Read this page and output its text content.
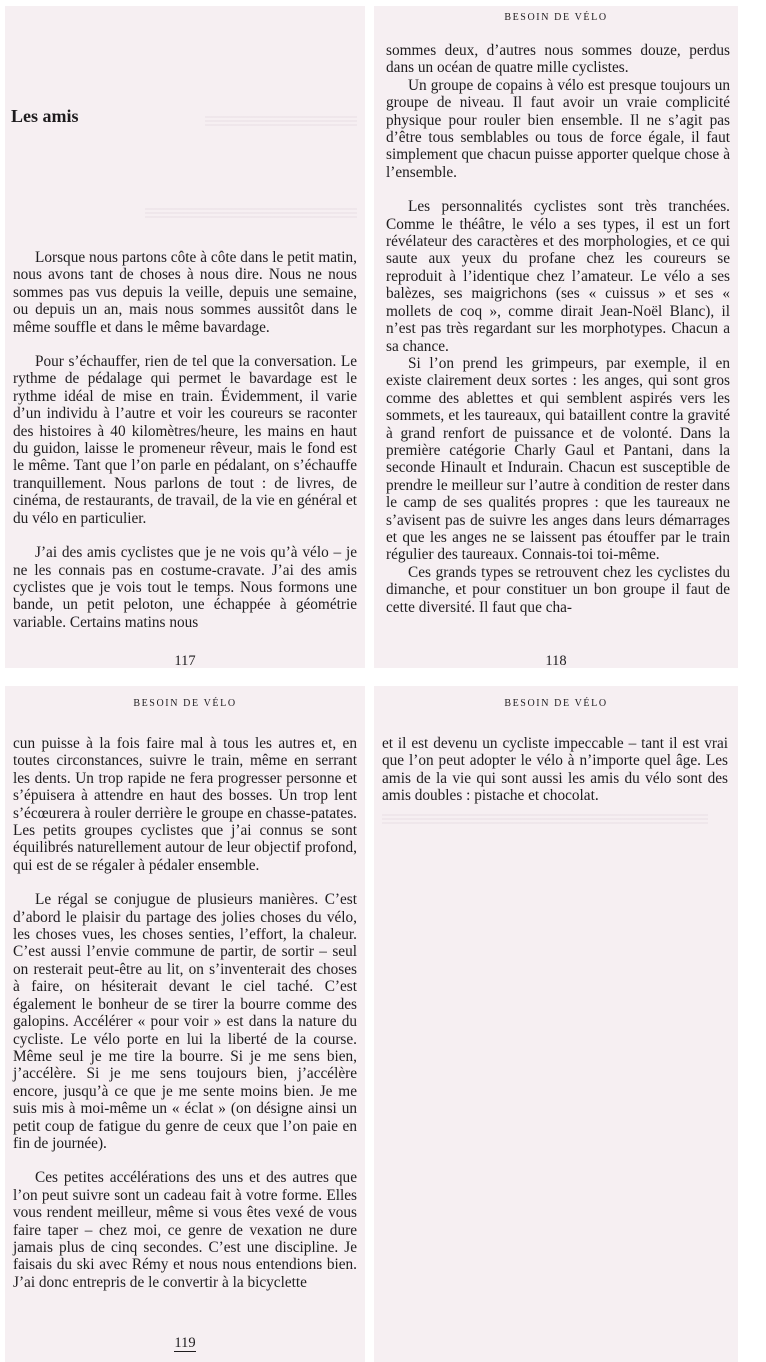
Les amis

Lorsque nous partons côte à côte dans le petit matin, nous avons tant de choses à nous dire. Nous ne nous sommes pas vus depuis la veille, depuis une semaine, ou depuis un an, mais nous sommes aussitôt dans le même souffle et dans le même bavardage.

Pour s’échauffer, rien de tel que la conversation. Le rythme de pédalage qui permet le bavardage est le rythme idéal de mise en train. Évidemment, il varie d’un individu à l’autre et voir les coureurs se raconter des histoires à 40 kilomètres/heure, les mains en haut du guidon, laisse le promeneur rêveur, mais le fond est le même. Tant que l’on parle en pédalant, on s’échauffe tranquillement. Nous parlons de tout : de livres, de cinéma, de restaurants, de travail, de la vie en général et du vélo en particulier.

J’ai des amis cyclistes que je ne vois qu’à vélo – je ne les connais pas en costume-cravate. J’ai des amis cyclistes que je vois tout le temps. Nous formons une bande, un petit peloton, une échappée à géométrie variable. Certains matins nous

117
BESOIN DE VÉLO

sommes deux, d’autres nous sommes douze, perdus dans un océan de quatre mille cyclistes.

Un groupe de copains à vélo est presque toujours un groupe de niveau. Il faut avoir un vraie complicité physique pour rouler bien ensemble. Il ne s’agit pas d’être tous semblables ou tous de force égale, il faut simplement que chacun puisse apporter quelque chose à l’ensemble.

Les personnalités cyclistes sont très tranchées. Comme le théâtre, le vélo a ses types, il est un fort révélateur des caractères et des morphologies, et ce qui saute aux yeux du profane chez les coureurs se reproduit à l’identique chez l’amateur. Le vélo a ses balèzes, ses maigrichons (ses « cuissus » et ses « mollets de coq », comme dirait Jean-Noël Blanc), il n’est pas très regardant sur les morphotypes. Chacun a sa chance.

Si l’on prend les grimpeurs, par exemple, il en existe clairement deux sortes : les anges, qui sont gros comme des ablettes et qui semblent aspirés vers les sommets, et les taureaux, qui bataillent contre la gravité à grand renfort de puissance et de volonté. Dans la première catégorie Charly Gaul et Pantani, dans la seconde Hinault et Indurain. Chacun est susceptible de prendre le meilleur sur l’autre à condition de rester dans le camp de ses qualités propres : que les taureaux ne s’avisent pas de suivre les anges dans leurs démarrages et que les anges ne se laissent pas étouffer par le train régulier des taureaux. Connais-toi toi-même.

Ces grands types se retrouvent chez les cyclistes du dimanche, et pour constituer un bon groupe il faut de cette diversité. Il faut que cha-

118
BESOIN DE VÉLO

cun puisse à la fois faire mal à tous les autres et, en toutes circonstances, suivre le train, même en serrant les dents. Un trop rapide ne fera progresser personne et s’épuisera à attendre en haut des bosses. Un trop lent s’écœurera à rouler derrière le groupe en chasse-patates. Les petits groupes cyclistes que j’ai connus se sont équilibrés naturellement autour de leur objectif profond, qui est de se régaler à pédaler ensemble.

Le régal se conjugue de plusieurs manières. C’est d’abord le plaisir du partage des jolies choses du vélo, les choses vues, les choses senties, l’effort, la chaleur. C’est aussi l’envie commune de partir, de sortir – seul on resterait peut-être au lit, on s’inventerait des choses à faire, on hésiterait devant le ciel taché. C’est également le bonheur de se tirer la bourre comme des galopins. Accélérer « pour voir » est dans la nature du cycliste. Le vélo porte en lui la liberté de la course. Même seul je me tire la bourre. Si je me sens bien, j’accélère. Si je me sens toujours bien, j’accélère encore, jusqu’à ce que je me sente moins bien. Je me suis mis à moi-même un « éclat » (on désigne ainsi un petit coup de fatigue du genre de ceux que l’on paie en fin de journée).

Ces petites accélérations des uns et des autres que l’on peut suivre sont un cadeau fait à votre forme. Elles vous rendent meilleur, même si vous êtes vexé de vous faire taper – chez moi, ce genre de vexation ne dure jamais plus de cinq secondes. C’est une discipline. Je faisais du ski avec Rémy et nous nous entendions bien. J’ai donc entrepris de le convertir à la bicyclette

119
BESOIN DE VÉLO

et il est devenu un cycliste impeccable – tant il est vrai que l’on peut adopter le vélo à n’importe quel âge. Les amis de la vie qui sont aussi les amis du vélo sont des amis doubles : pistache et chocolat.
